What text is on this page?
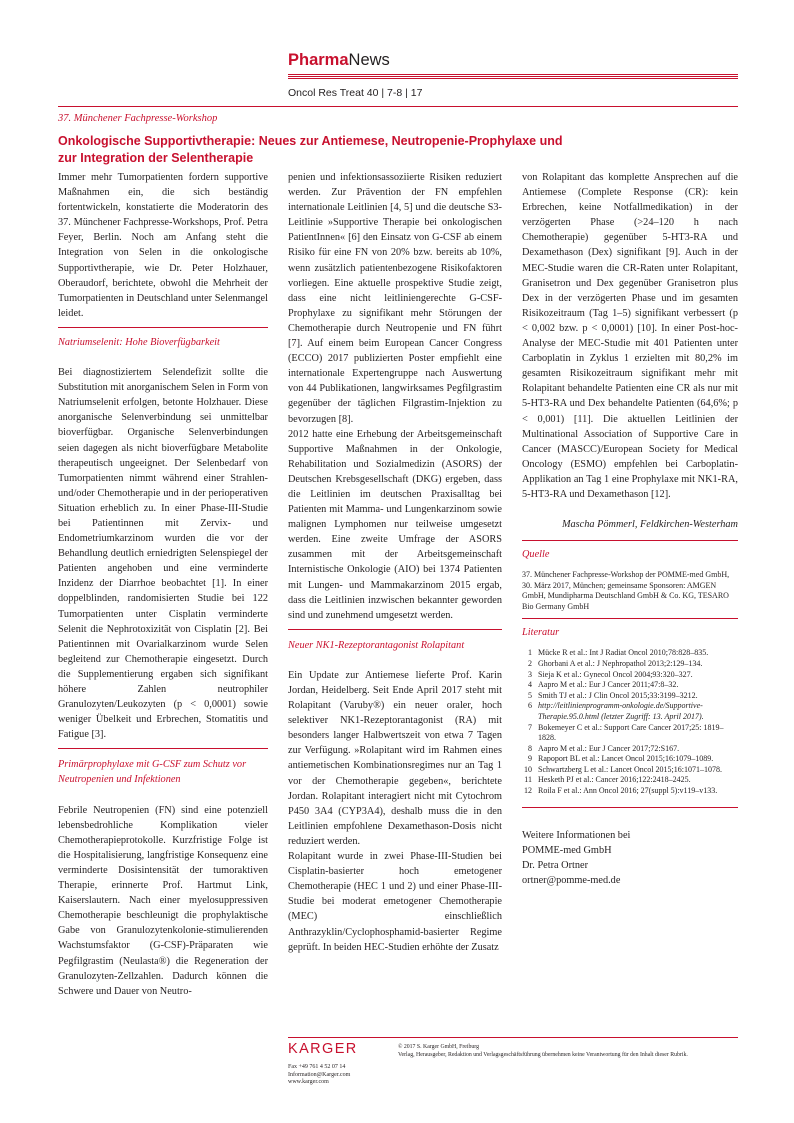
PharmaNews
Oncol Res Treat 40 | 7-8 | 17
37. Münchener Fachpresse-Workshop
Onkologische Supportivtherapie: Neues zur Antiemese, Neutropenie-Prophylaxe und
zur Integration der Selentherapie

Immer mehr Tumorpatienten fordern supportive Maßnahmen ein, die sich beständig fortentwickeln, konstatierte die Moderatorin des 37. Münchener Fachpresse-Workshops, Prof. Petra Feyer, Berlin. Noch am Anfang steht die Integration von Selen in die onkologische Supportivtherapie, wie Dr. Peter Holzhauer, Oberaudorf, berichtete, obwohl die Mehrheit der Tumorpatienten in Deutschland unter Selenmangel leidet.

Natriumselenit: Hohe Bioverfügbarkeit

Bei diagnostiziertem Selendefizit sollte die Substitution mit anorganischem Selen in Form von Natriumselenit erfolgen, betonte Holzhauer. Diese anorganische Selenverbindung sei unmittelbar bioverfügbar. Organische Selenverbindungen seien dagegen als nicht bioverfügbare Metabolite therapeutisch ungeeignet. Der Selenbedarf von Tumorpatienten nimmt während einer Strahlen- und/oder Chemotherapie und in der perioperativen Situation erheblich zu. In einer Phase-III-Studie bei Patientinnen mit Zervix- und Endometriumkarzinom wurden die vor der Behandlung deutlich erniedrigten Selenspiegel der Patienten angehoben und eine verminderte Inzidenz der Diarrhoe beobachtet [1]. In einer doppelblinden, randomisierten Studie bei 122 Tumorpatienten unter Cisplatin verminderte Selenit die Nephrotoxizität von Cisplatin [2]. Bei Patientinnen mit Ovarialkarzinom wurde Selen begleitend zur Chemotherapie eingesetzt. Durch die Supplementierung ergaben sich signifikant höhere Zahlen neutrophiler Granulozyten/Leukozyten (p < 0,0001) sowie weniger Übelkeit und Erbrechen, Stomatitis und Fatigue [3].

Primärprophylaxe mit G-CSF zum Schutz vor Neutropenien und Infektionen

Febrile Neutropenien (FN) sind eine potenziell lebensbedrohliche Komplikation vieler Chemotherapieprotokolle. Kurzfristige Folge ist die Hospitalisierung, langfristige Konsequenz eine verminderte Dosisintensität der tumoraktiven Therapie, erinnerte Prof. Hartmut Link, Kaiserslautern. Nach einer myelosuppressiven Chemotherapie beschleunigt die prophylaktische Gabe von Granulozytenkolonie-stimulierenden Wachstumsfaktor (G-CSF)-Präparaten wie Pegfilgrastim (Neulasta®) die Regeneration der Granulozyten-Zellzahlen. Dadurch können die Schwere und Dauer von Neutro-

penien und infektionsassoziierte Risiken reduziert werden. Zur Prävention der FN empfehlen internationale Leitlinien [4, 5] und die deutsche S3-Leitlinie »Supportive Therapie bei onkologischen PatientInnen« [6] den Einsatz von G-CSF ab einem Risiko für eine FN von 20% bzw. bereits ab 10%, wenn zusätzlich patientenbezogene Risikofaktoren vorliegen. Eine aktuelle prospektive Studie zeigt, dass eine nicht leitliniengerechte G-CSF-Prophylaxe zu signifikant mehr Störungen der Chemotherapie durch Neutropenie und FN führt [7]. Auf einem beim European Cancer Congress (ECCO) 2017 publizierten Poster empfiehlt eine internationale Expertengruppe nach Auswertung von 44 Publikationen, langwirksames Pegfilgrastim gegenüber der täglichen Filgrastim-Injektion zu bevorzugen [8].

2012 hatte eine Erhebung der Arbeitsgemeinschaft Supportive Maßnahmen in der Onkologie, Rehabilitation und Sozialmedizin (ASORS) der Deutschen Krebsgesellschaft (DKG) ergeben, dass die Leitlinien im deutschen Praxisalltag bei Patienten mit Mamma- und Lungenkarzinom sowie malignen Lymphomen nur teilweise umgesetzt werden. Eine zweite Umfrage der ASORS zusammen mit der Arbeitsgemeinschaft Internistische Onkologie (AIO) bei 1374 Patienten mit Lungen- und Mammakarzinom 2015 ergab, dass die Leitlinien inzwischen bekannter geworden sind und zunehmend umgesetzt werden.

Neuer NK1-Rezeptorantagonist Rolapitant

Ein Update zur Antiemese lieferte Prof. Karin Jordan, Heidelberg. Seit Ende April 2017 steht mit Rolapitant (Varuby®) ein neuer oraler, hoch selektiver NK1-Rezeptorantagonist (RA) mit besonders langer Halbwertszeit von etwa 7 Tagen zur Verfügung. »Rolapitant wird im Rahmen eines antiemetischen Kombinationsregimes nur an Tag 1 vor der Chemotherapie gegeben«, berichtete Jordan. Rolapitant interagiert nicht mit Cytochrom P450 3A4 (CYP3A4), deshalb muss die in den Leitlinien empfohlene Dexamethason-Dosis nicht reduziert werden.

Rolapitant wurde in zwei Phase-III-Studien bei Cisplatin-basierter hoch emetogener Chemotherapie (HEC 1 und 2) und einer Phase-III-Studie bei moderat emetogener Chemotherapie (MEC) einschließlich Anthrazyklin/Cyclophosphamid-basierter Regime geprüft. In beiden HEC-Studien erhöhte der Zusatz

von Rolapitant das komplette Ansprechen auf die Antiemese (Complete Response (CR): kein Erbrechen, keine Notfallmedikation) in der verzögerten Phase (>24–120 h nach Chemotherapie) gegenüber 5-HT3-RA und Dexamethason (Dex) signifikant [9]. Auch in der MEC-Studie waren die CR-Raten unter Rolapitant, Granisetron und Dex gegenüber Granisetron plus Dex in der verzögerten Phase und im gesamten Risikozeitraum (Tag 1–5) signifikant verbessert (p < 0,002 bzw. p < 0,0001) [10]. In einer Post-hoc-Analyse der MEC-Studie mit 401 Patienten unter Carboplatin in Zyklus 1 erzielten mit 80,2% im gesamten Risikozeitraum signifikant mehr mit Rolapitant behandelte Patienten eine CR als nur mit 5-HT3-RA und Dex behandelte Patienten (64,6%; p < 0,001) [11]. Die aktuellen Leitlinien der Multinational Association of Supportive Care in Cancer (MASCC)/European Society for Medical Oncology (ESMO) empfehlen bei Carboplatin-Applikation an Tag 1 eine Prophylaxe mit NK1-RA, 5-HT3-RA und Dexamethason [12].

Mascha Pömmerl, Feldkirchen-Westerham

Quelle

37. Münchener Fachpresse-Workshop der POMME-med GmbH, 30. März 2017, München; gemeinsame Sponsoren: AMGEN GmbH, Mundipharma Deutschland GmbH & Co. KG, TESARO Bio Germany GmbH

Literatur

1 Mücke R et al.: Int J Radiat Oncol 2010;78:828–835.
2 Ghorbani A et al.: J Nephropathol 2013;2:129–134.
3 Sieja K et al.: Gynecol Oncol 2004;93:320–327.
4 Aapro M et al.: Eur J Cancer 2011;47:8–32.
5 Smith TJ et al.: J Clin Oncol 2015;33:3199–3212.
6 http://leitlinienprogramm-onkologie.de/Supportive-Therapie.95.0.html (letzter Zugriff: 13. April 2017).
7 Bokemeyer C et al.: Support Care Cancer 2017;25: 1819–1828.
8 Aapro M et al.: Eur J Cancer 2017;72:S167.
9 Rapoport BL et al.: Lancet Oncol 2015;16:1079–1089.
10 Schwartzberg L et al.: Lancet Oncol 2015;16:1071–1078.
11 Hesketh PJ et al.: Cancer 2016;122:2418–2425.
12 Roila F et al.: Ann Oncol 2016; 27(suppl 5):v119–v133.
Weitere Informationen bei
POMME-med GmbH
Dr. Petra Ortner
ortner@pomme-med.de
KARGER
Fax +49 761 4 52 07 14
Information@Karger.com
www.karger.com
© 2017 S. Karger GmbH, Freiburg
Verlag, Herausgeber, Redaktion und Verlagsgeschäftsführung übernehmen keine Verantwortung für den Inhalt dieser Rubrik.
